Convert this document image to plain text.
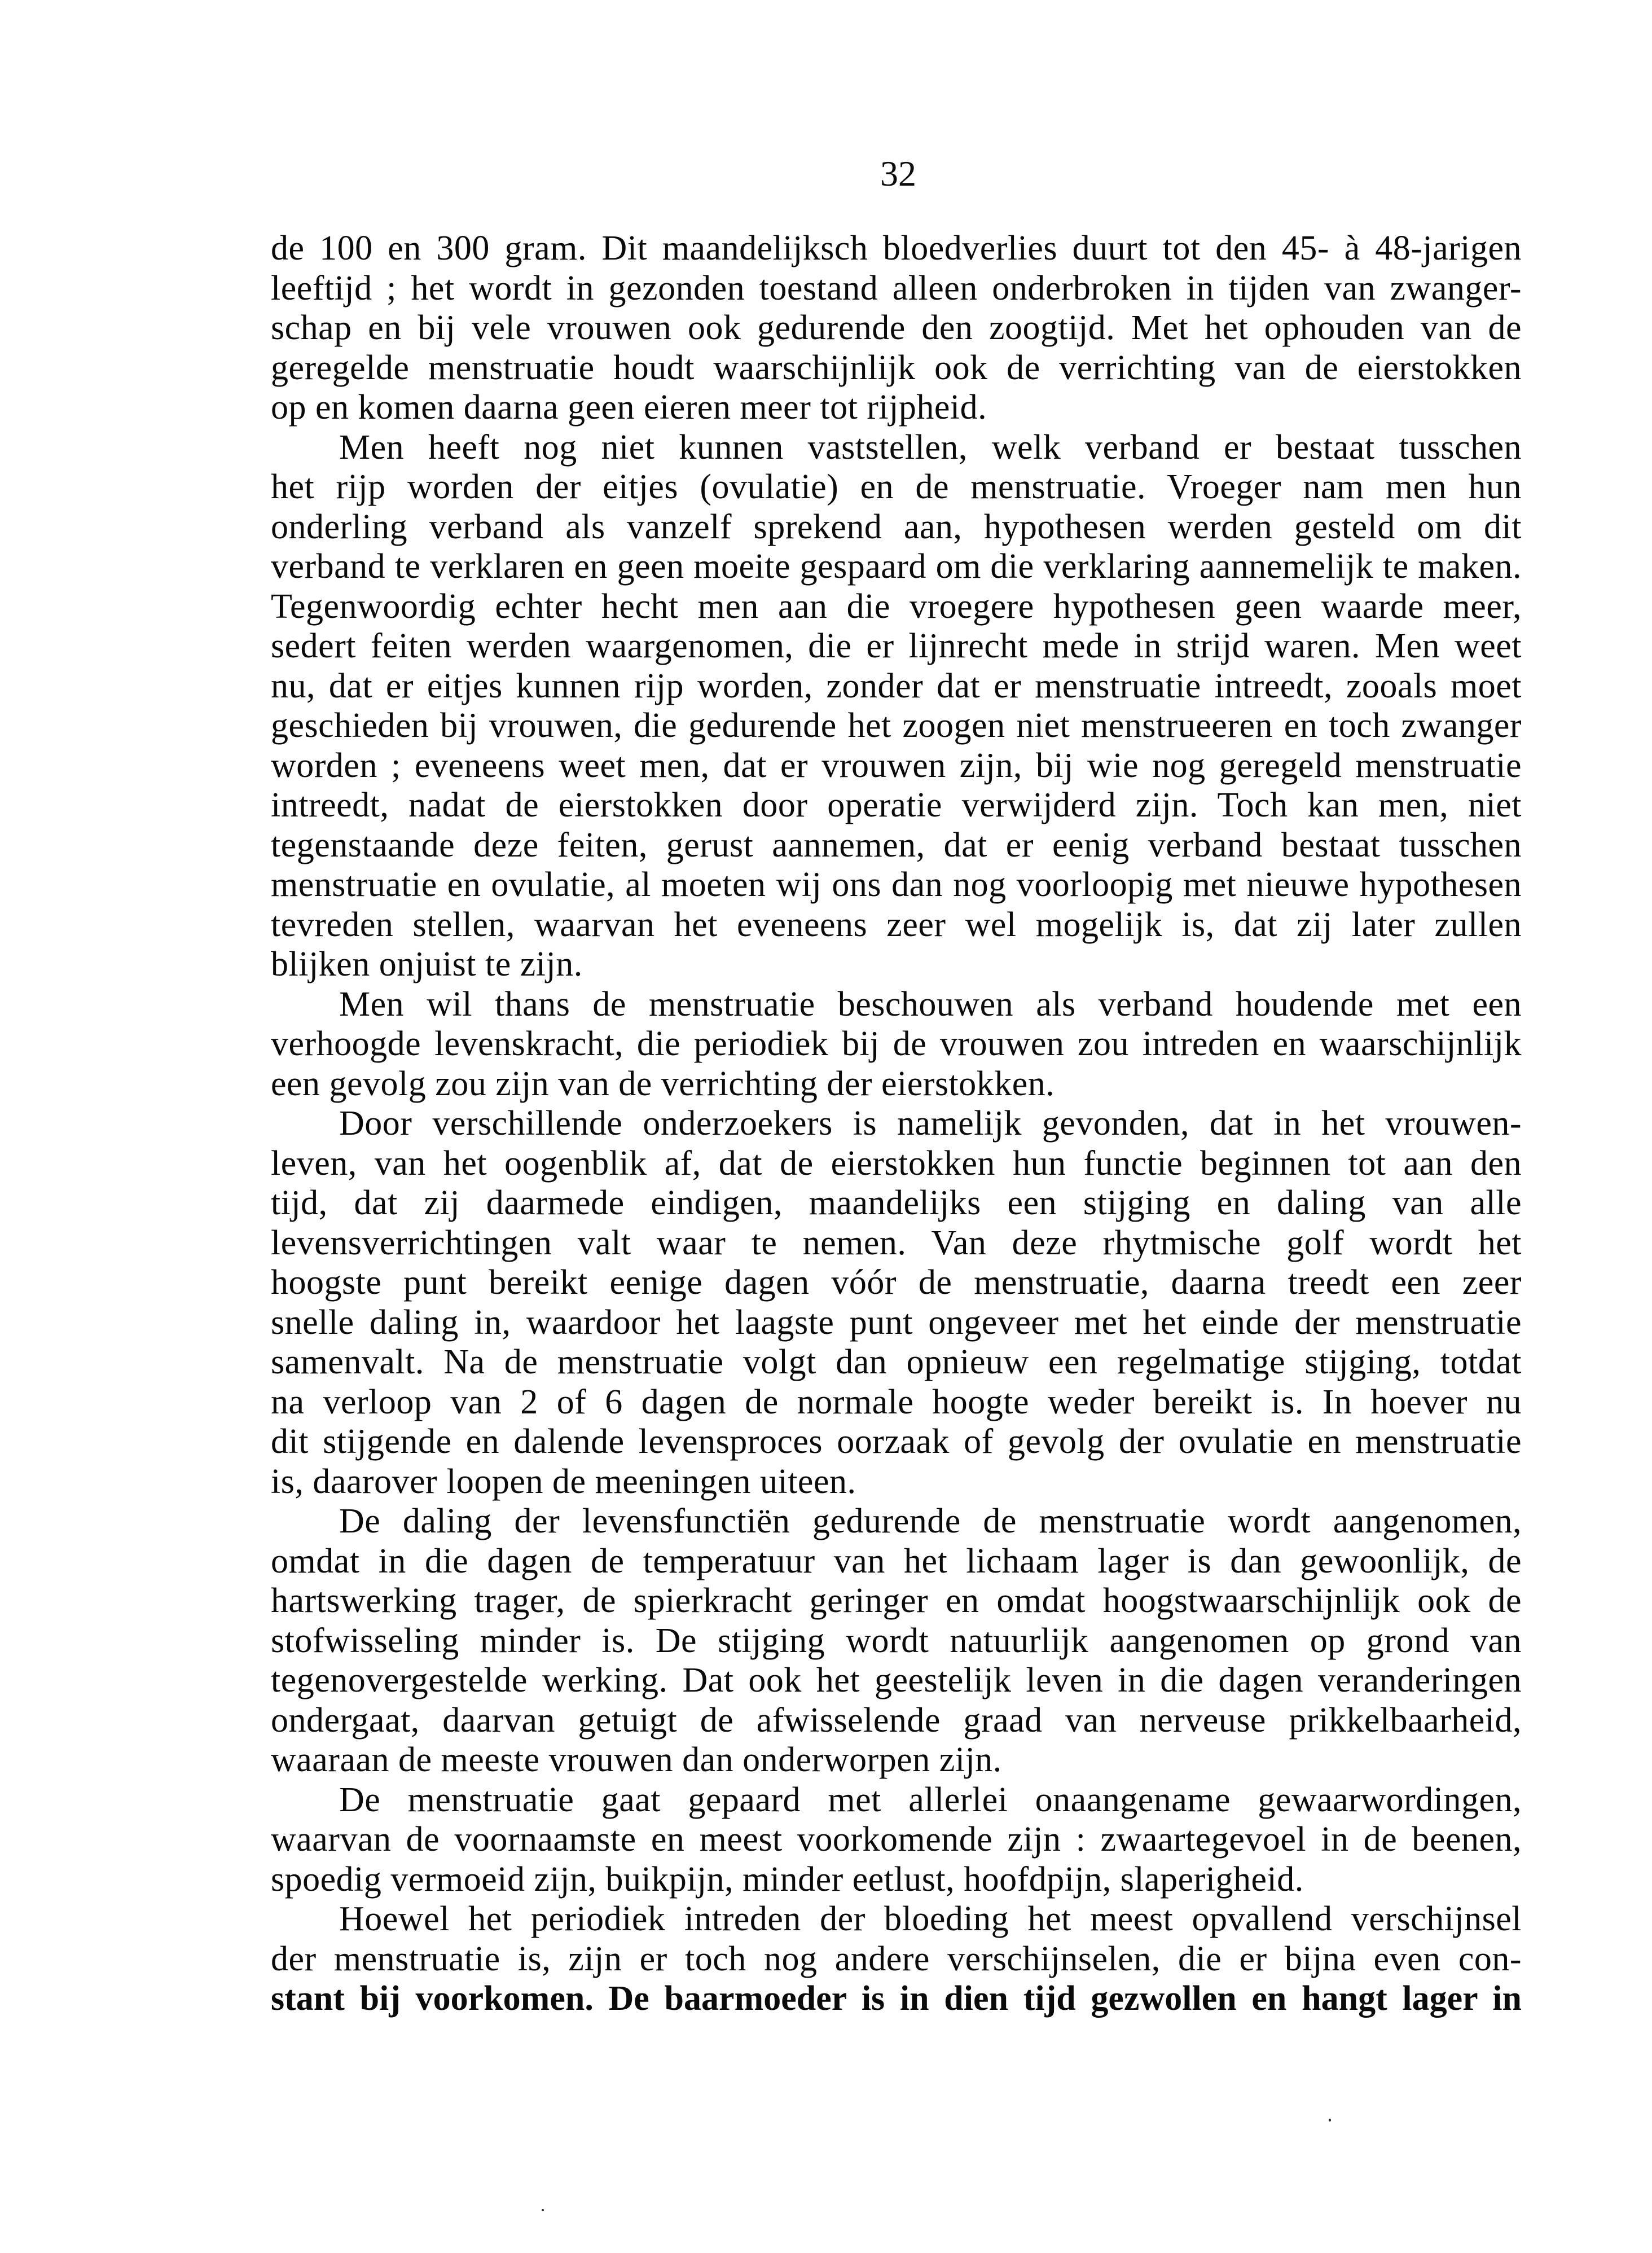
32
de 100 en 300 gram. Dit maandelijksch bloedverlies duurt tot den 45- à 48-jarigen
leeftijd ; het wordt in gezonden toestand alleen onderbroken in tijden van zwanger-
schap en bij vele vrouwen ook gedurende den zoogtijd. Met het ophouden van de
geregelde menstruatie houdt waarschijnlijk ook de verrichting van de eierstokken
op en komen daarna geen eieren meer tot rijpheid.
Men heeft nog niet kunnen vaststellen, welk verband er bestaat tusschen
het rijp worden der eitjes (ovulatie) en de menstruatie. Vroeger nam men hun
onderling verband als vanzelf sprekend aan, hypothesen werden gesteld om dit
verband te verklaren en geen moeite gespaard om die verklaring aannemelijk te maken.
Tegenwoordig echter hecht men aan die vroegere hypothesen geen waarde meer,
sedert feiten werden waargenomen, die er lijnrecht mede in strijd waren. Men weet
nu, dat er eitjes kunnen rijp worden, zonder dat er menstruatie intreedt, zooals moet
geschieden bij vrouwen, die gedurende het zoogen niet menstrueeren en toch zwanger
worden ; eveneens weet men, dat er vrouwen zijn, bij wie nog geregeld menstruatie
intreedt, nadat de eierstokken door operatie verwijderd zijn. Toch kan men, niet
tegenstaande deze feiten, gerust aannemen, dat er eenig verband bestaat tusschen
menstruatie en ovulatie, al moeten wij ons dan nog voorloopig met nieuwe hypothesen
tevreden stellen, waarvan het eveneens zeer wel mogelijk is, dat zij later zullen
blijken onjuist te zijn.
Men wil thans de menstruatie beschouwen als verband houdende met een
verhoogde levenskracht, die periodiek bij de vrouwen zou intreden en waarschijnlijk
een gevolg zou zijn van de verrichting der eierstokken.
Door verschillende onderzoekers is namelijk gevonden, dat in het vrouwen-
leven, van het oogenblik af, dat de eierstokken hun functie beginnen tot aan den
tijd, dat zij daarmede eindigen, maandelijks een stijging en daling van alle
levensverrichtingen valt waar te nemen. Van deze rhytmische golf wordt het
hoogste punt bereikt eenige dagen vóór de menstruatie, daarna treedt een zeer
snelle daling in, waardoor het laagste punt ongeveer met het einde der menstruatie
samenvalt. Na de menstruatie volgt dan opnieuw een regelmatige stijging, totdat
na verloop van 2 of 6 dagen de normale hoogte weder bereikt is. In hoever nu
dit stijgende en dalende levensproces oorzaak of gevolg der ovulatie en menstruatie
is, daarover loopen de meeningen uiteen.
De daling der levensfunctiën gedurende de menstruatie wordt aangenomen,
omdat in die dagen de temperatuur van het lichaam lager is dan gewoonlijk, de
hartswerking trager, de spierkracht geringer en omdat hoogstwaarschijnlijk ook de
stofwisseling minder is. De stijging wordt natuurlijk aangenomen op grond van
tegenovergestelde werking. Dat ook het geestelijk leven in die dagen veranderingen
ondergaat, daarvan getuigt de afwisselende graad van nerveuse prikkelbaarheid,
waaraan de meeste vrouwen dan onderworpen zijn.
De menstruatie gaat gepaard met allerlei onaangename gewaarwordingen,
waarvan de voornaamste en meest voorkomende zijn : zwaartegevoel in de beenen,
spoedig vermoeid zijn, buikpijn, minder eetlust, hoofdpijn, slaperigheid.
Hoewel het periodiek intreden der bloeding het meest opvallend verschijnsel
der menstruatie is, zijn er toch nog andere verschijnselen, die er bijna even con-
stant bij voorkomen. De baarmoeder is in dien tijd gezwollen en hangt lager in
